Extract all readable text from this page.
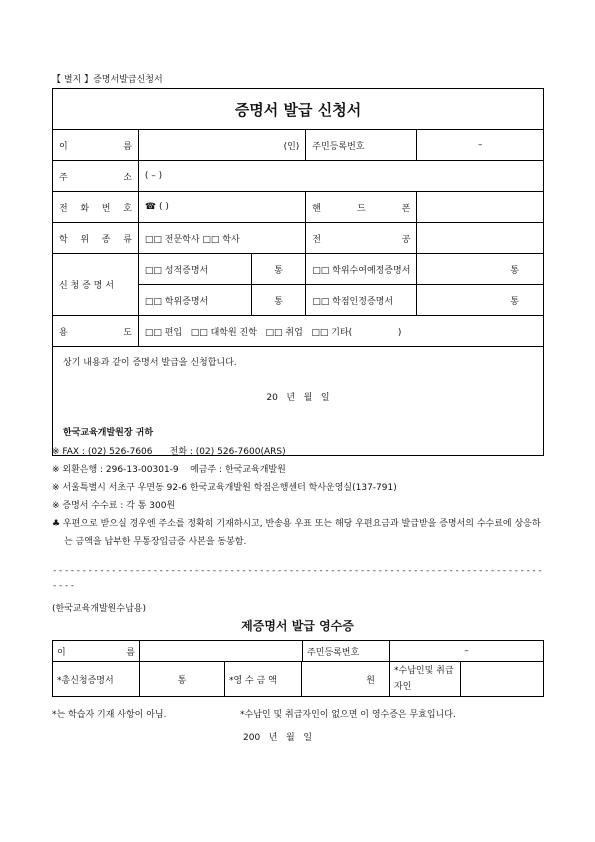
【 별지 】증명서발급신청서
증명서 발급 신청서				
이 름	(인)		주민등록번호	–
주 소	( – )			
전 화 번 호	☎ ( )		핸 드 폰	
학 위 종 류	□□ 전문학사 □□ 학사		전 공	
신 청 증 명 서	□□ 성적증명서	통	□□ 학위수여예정증명서	통
	□□ 학위증명서	통	□□ 학점인정증명서	통
용 도	□□ 편입   □□ 대학원 진학   □□ 취업   □□ 기타(                )			

상기 내용과 같이 증명서 발급을 신청합니다.
20   년   월   일
한국교육개발원장 귀하				
※ FAX : (02) 526-7606      전화 : (02) 526-7600(ARS)
※ 외환은행 : 296-13-00301-9    예금주 : 한국교육개발원
※ 서울특별시 서초구 우면동 92-6 한국교육개발원 학점은행센터 학사운영실(137-791)
※ 증명서 수수료 : 각 통 300원
♣ 우편으로 받으실 경우엔 주소를 정확히 기재하시고, 반송용 우표 또는 해당 우편요금과 발급받을 증명서의 수수료에 상응하는 금액을 납부한 무통장입금증 사본을 동봉함.
---------------------------------------------------------------------------------------
(한국교육개발원수납용)
제증명서 발급 영수증
이 름			주민등록번호	–	
*총신청증명서	통	*영 수 금 액	원	*수납인및 취급자인	
*는 학습자 기재 사항이 아님.	*수납인 및 취급자인이 없으면 이 영수증은 무효입니다.
200   년   월   일
